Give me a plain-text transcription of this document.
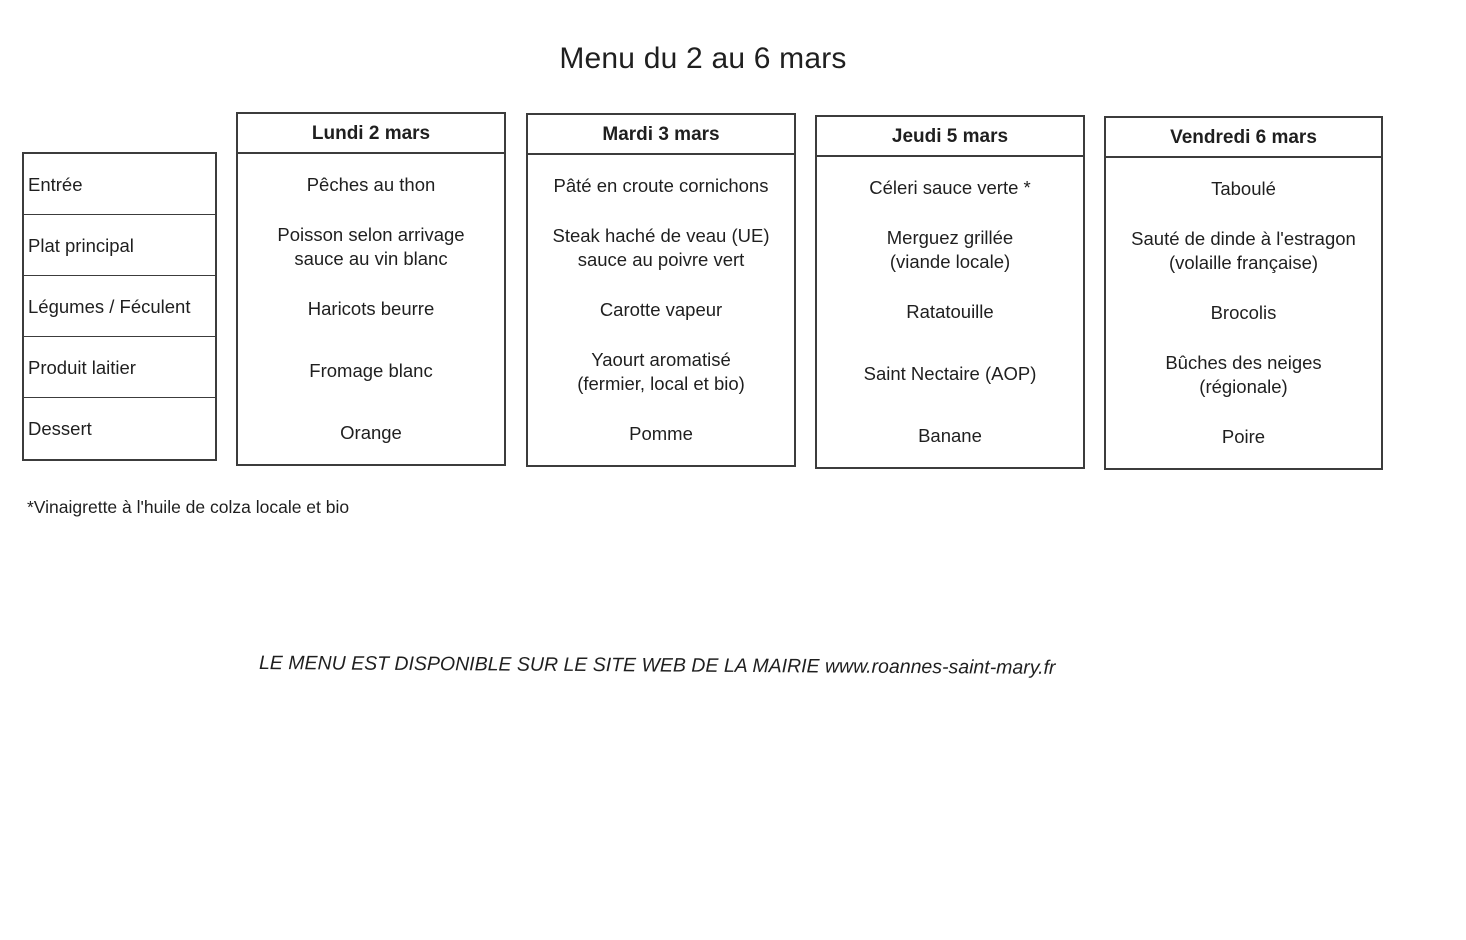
Menu du 2 au 6 mars
Entrée
Plat principal
Légumes / Féculent
Produit laitier
Dessert
Lundi 2 mars
Pêches au thon
Poisson selon arrivage
sauce au vin blanc
Haricots beurre
Fromage blanc
Orange
Mardi 3 mars
Pâté en croute cornichons
Steak haché de veau (UE)
sauce au poivre vert
Carotte vapeur
Yaourt aromatisé
(fermier, local et bio)
Pomme
Jeudi 5 mars
Céleri sauce verte *
Merguez grillée
(viande locale)
Ratatouille
Saint Nectaire (AOP)
Banane
Vendredi 6 mars
Taboulé
Sauté de dinde à l'estragon
(volaille française)
Brocolis
Bûches des neiges
(régionale)
Poire
*Vinaigrette à l'huile de colza locale et bio
LE MENU EST DISPONIBLE SUR LE SITE WEB DE LA MAIRIE www.roannes-saint-mary.fr
